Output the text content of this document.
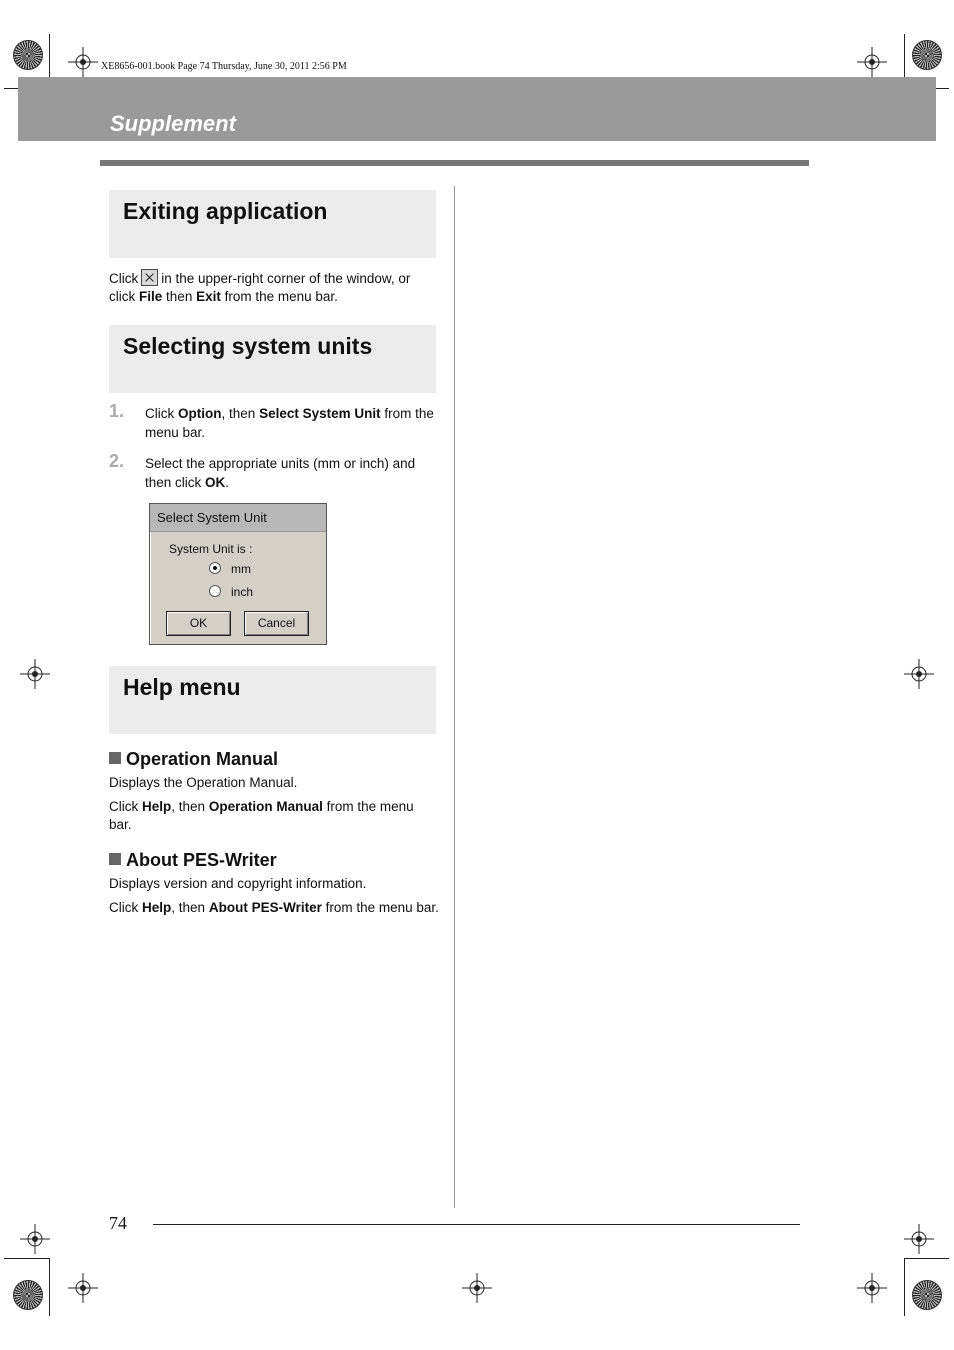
XE8656-001.book Page 74 Thursday, June 30, 2011 2:56 PM
Supplement
Exiting application
Click in the upper-right corner of the window, or
click File then Exit from the menu bar.
Selecting system units
1. Click Option, then Select System Unit from the menu bar.
2. Select the appropriate units (mm or inch) and then click OK.
Select System Unit
System Unit is :
mm
inch
OK	Cancel
Help menu
Operation Manual
Displays the Operation Manual.
Click Help, then Operation Manual from the menu bar.
About PES-Writer
Displays version and copyright information.
Click Help, then About PES-Writer from the menu bar.
74
